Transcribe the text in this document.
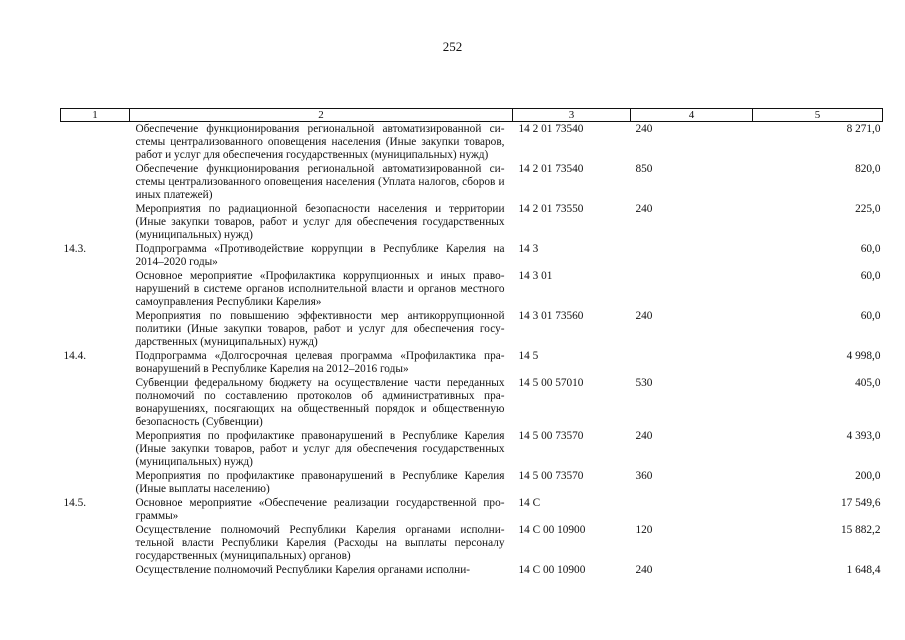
252
1	2	3	4	5
	Обеспечение функционирования региональной автоматизированной системы централизованного оповещения населения (Иные закупки товаров, работ и услуг для обеспечения государственных (муниципальных) нужд)	14 2 01 73540	240	8 271,0
	Обеспечение функционирования региональной автоматизированной системы централизованного оповещения населения (Уплата налогов, сборов и иных платежей)	14 2 01 73540	850	820,0
	Мероприятия по радиационной безопасности населения и территории (Иные закупки товаров, работ и услуг для обеспечения государственных (муниципальных) нужд)	14 2 01 73550	240	225,0
14.3.	Подпрограмма «Противодействие коррупции в Республике Карелия на 2014–2020 годы»	14 3		60,0
	Основное мероприятие «Профилактика коррупционных и иных правонарушений в системе органов исполнительной власти и органов местного самоуправления Республики Карелия»	14 3 01		60,0
	Мероприятия по повышению эффективности мер антикоррупционной политики (Иные закупки товаров, работ и услуг для обеспечения государственных (муниципальных) нужд)	14 3 01 73560	240	60,0
14.4.	Подпрограмма «Долгосрочная целевая программа «Профилактика правонарушений в Республике Карелия на 2012–2016 годы»	14 5		4 998,0
	Субвенции федеральному бюджету на осуществление части переданных полномочий по составлению протоколов об административных правонарушениях, посягающих на общественный порядок и общественную безопасность (Субвенции)	14 5 00 57010	530	405,0
	Мероприятия по профилактике правонарушений в Республике Карелия (Иные закупки товаров, работ и услуг для обеспечения государственных (муниципальных) нужд)	14 5 00 73570	240	4 393,0
	Мероприятия по профилактике правонарушений в Республике Карелия (Иные выплаты населению)	14 5 00 73570	360	200,0
14.5.	Основное мероприятие «Обеспечение реализации государственной программы»	14 С		17 549,6
	Осуществление полномочий Республики Карелия органами исполнительной власти Республики Карелия (Расходы на выплаты персоналу государственных (муниципальных) органов)	14 С 00 10900	120	15 882,2
	Осуществление полномочий Республики Карелия органами исполни-	14 С 00 10900	240	1 648,4
